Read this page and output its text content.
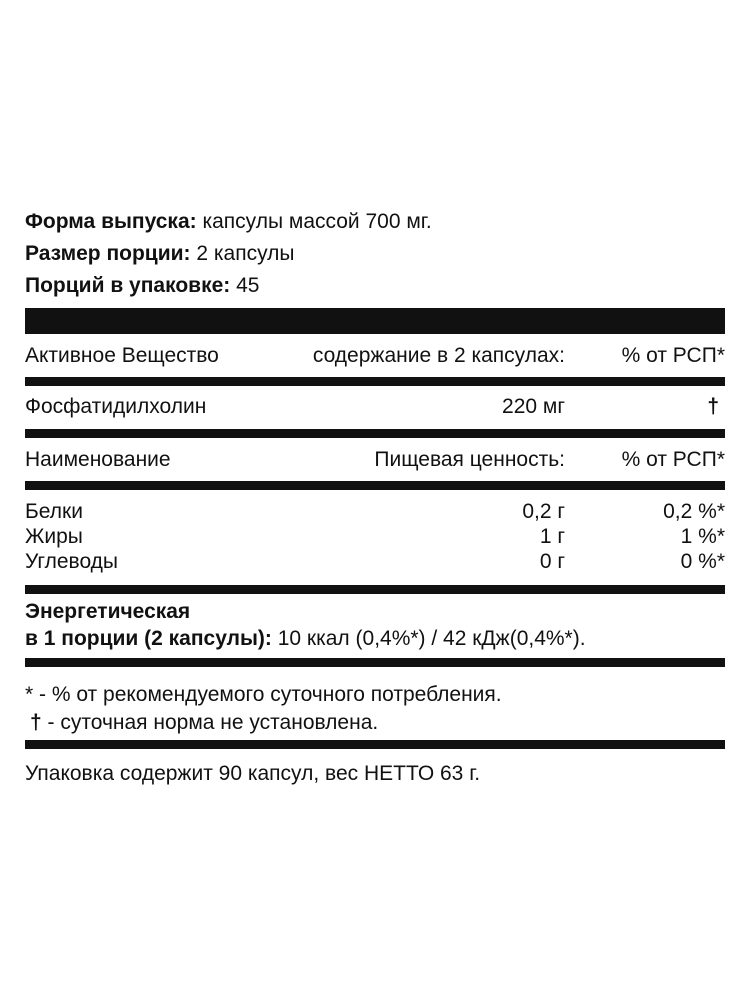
Форма выпуска: капсулы массой 700 мг.
Размер порции: 2 капсулы
Порций в упаковке: 45
Активное Вещество	содержание в 2 капсулах:	% от РСП*
Фосфатидилхолин	220 мг	†
Наименование	Пищевая ценность:	% от РСП*
Белки	0,2 г	0,2 %*
Жиры	1 г	1 %*
Углеводы	0 г	0 %*
Энергетическая
в 1 порции (2 капсулы): 10 ккал (0,4%*) / 42 кДж(0,4%*).
* - % от рекомендуемого суточного потребления.
† - суточная норма не установлена.
Упаковка содержит 90 капсул, вес НЕТТО 63 г.
